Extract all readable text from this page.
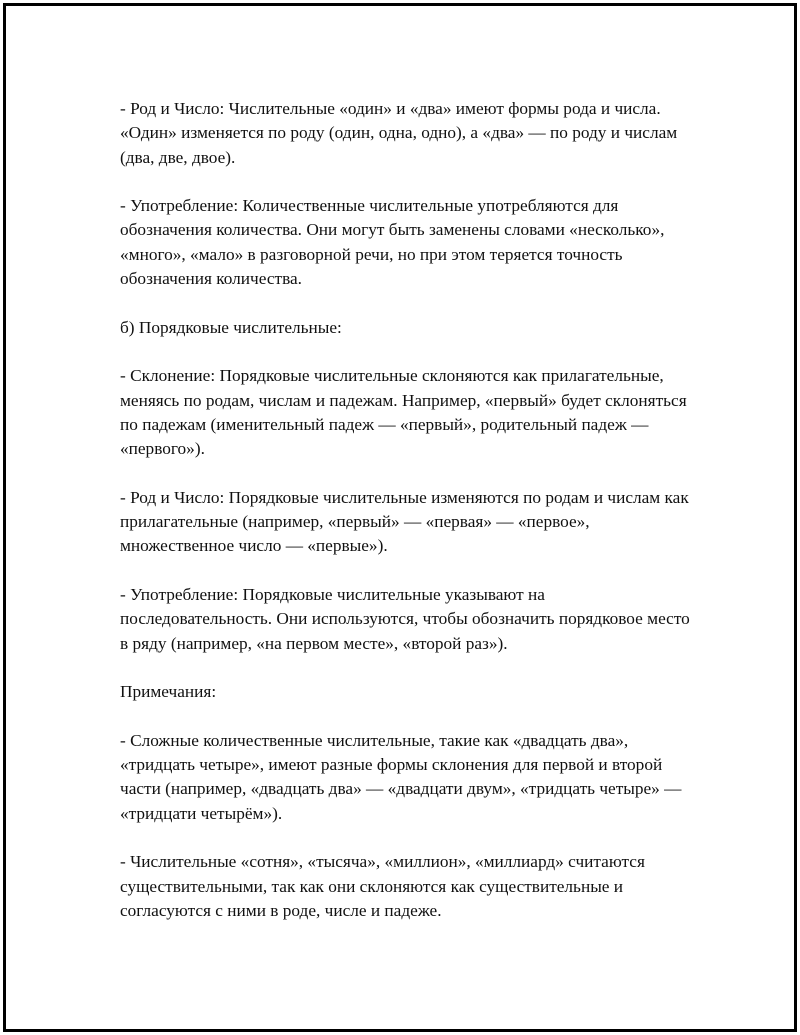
- Род и Число: Числительные «один» и «два» имеют формы рода и числа. «Один» изменяется по роду (один, одна, одно), а «два» — по роду и числам (два, две, двое).

- Употребление: Количественные числительные употребляются для обозначения количества. Они могут быть заменены словами «несколько», «много», «мало» в разговорной речи, но при этом теряется точность обозначения количества.

б) Порядковые числительные:

- Склонение: Порядковые числительные склоняются как прилагательные, меняясь по родам, числам и падежам. Например, «первый» будет склоняться по падежам (именительный падеж — «первый», родительный падеж — «первого»).

- Род и Число: Порядковые числительные изменяются по родам и числам как прилагательные (например, «первый» — «первая» — «первое», множественное число — «первые»).

- Употребление: Порядковые числительные указывают на последовательность. Они используются, чтобы обозначить порядковое место в ряду (например, «на первом месте», «второй раз»).

Примечания:

- Сложные количественные числительные, такие как «двадцать два», «тридцать четыре», имеют разные формы склонения для первой и второй части (например, «двадцать два» — «двадцати двум», «тридцать четыре» — «тридцати четырём»).

- Числительные «сотня», «тысяча», «миллион», «миллиард» считаются существительными, так как они склоняются как существительные и согласуются с ними в роде, числе и падеже.
